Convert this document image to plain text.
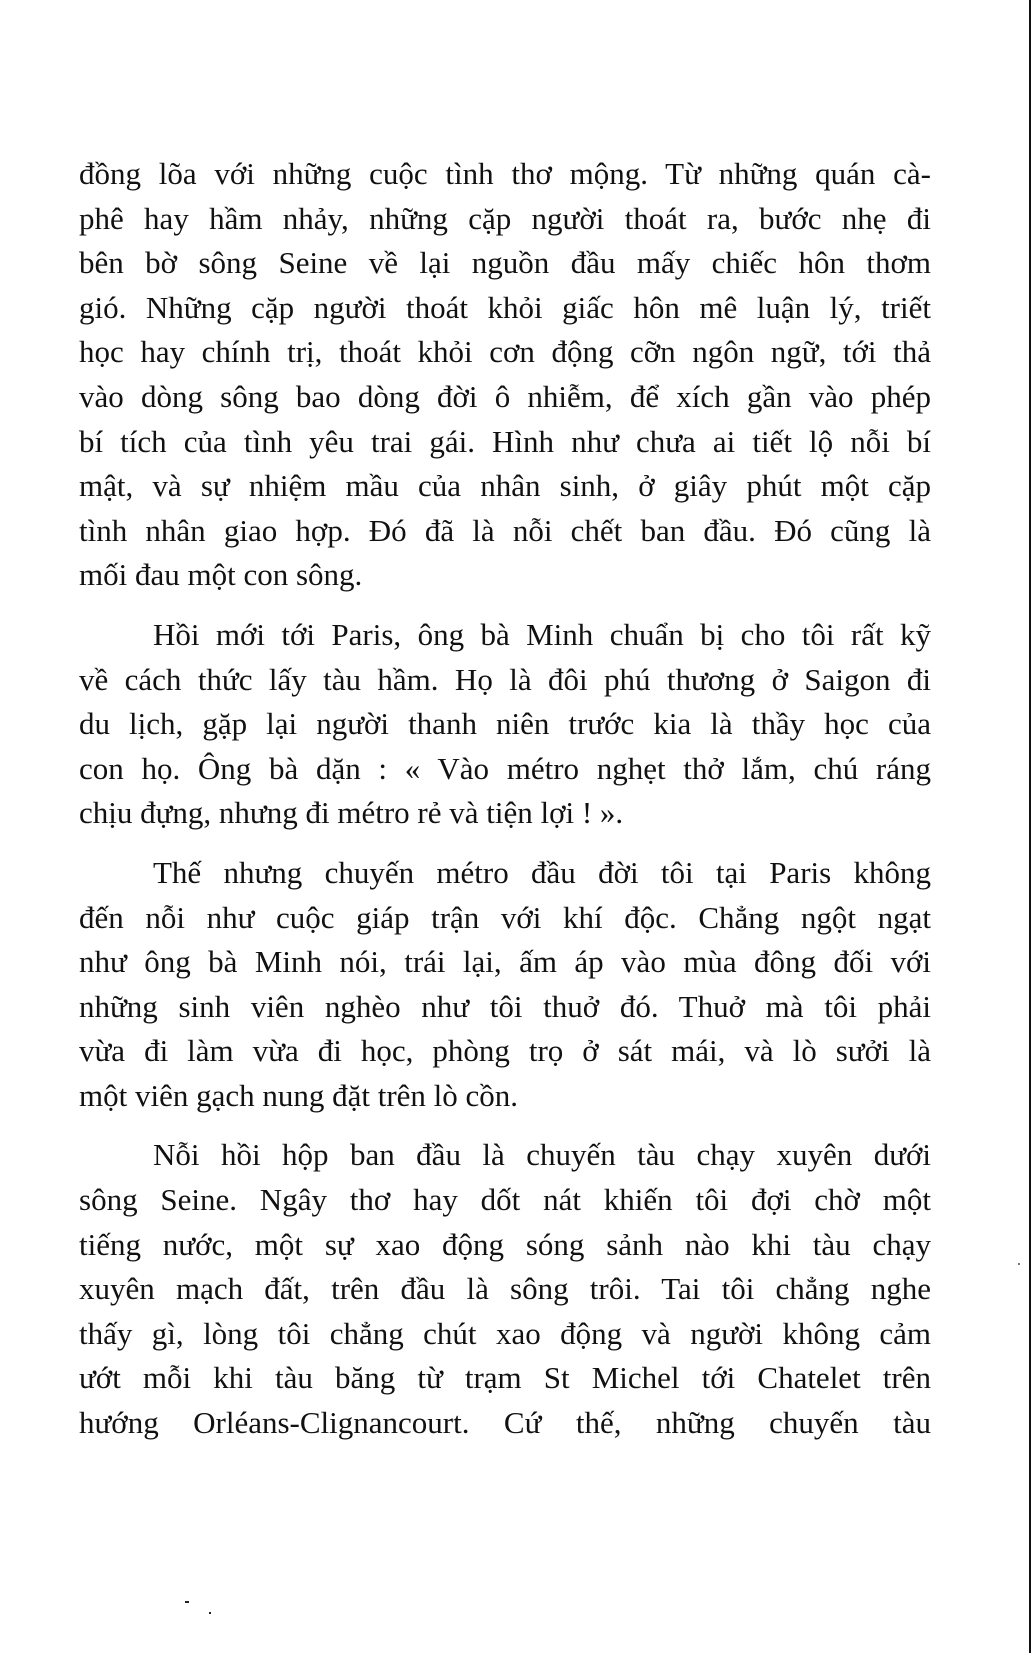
đồng lõa với những cuộc tình thơ mộng. Từ những quán cà-
phê hay hầm nhảy, những cặp người thoát ra, bước nhẹ đi
bên bờ sông Seine về lại nguồn đầu mấy chiếc hôn thơm
gió. Những cặp người thoát khỏi giấc hôn mê luận lý, triết
học hay chính trị, thoát khỏi cơn động cỡn ngôn ngữ, tới thả
vào dòng sông bao dòng đời ô nhiễm, để xích gần vào phép
bí tích của tình yêu trai gái. Hình như chưa ai tiết lộ nỗi bí
mật, và sự nhiệm mầu của nhân sinh, ở giây phút một cặp
tình nhân giao hợp. Đó đã là nỗi chết ban đầu. Đó cũng là
mối đau một con sông.

Hồi mới tới Paris, ông bà Minh chuẩn bị cho tôi rất kỹ
về cách thức lấy tàu hầm. Họ là đôi phú thương ở Saigon đi
du lịch, gặp lại người thanh niên trước kia là thầy học của
con họ. Ông bà dặn : « Vào métro nghẹt thở lắm, chú ráng
chịu đựng, nhưng đi métro rẻ và tiện lợi ! ».

Thế nhưng chuyến métro đầu đời tôi tại Paris không
đến nỗi như cuộc giáp trận với khí độc. Chẳng ngột ngạt
như ông bà Minh nói, trái lại, ấm áp vào mùa đông đối với
những sinh viên nghèo như tôi thuở đó. Thuở mà tôi phải
vừa đi làm vừa đi học, phòng trọ ở sát mái, và lò sưởi là
một viên gạch nung đặt trên lò cồn.

Nỗi hồi hộp ban đầu là chuyến tàu chạy xuyên dưới
sông Seine. Ngây thơ hay dốt nát khiến tôi đợi chờ một
tiếng nước, một sự xao động sóng sảnh nào khi tàu chạy
xuyên mạch đất, trên đầu là sông trôi. Tai tôi chẳng nghe
thấy gì, lòng tôi chẳng chút xao động và người không cảm
ướt mỗi khi tàu băng từ trạm St Michel tới Chatelet trên
hướng Orléans-Clignancourt. Cứ thế, những chuyến tàu
